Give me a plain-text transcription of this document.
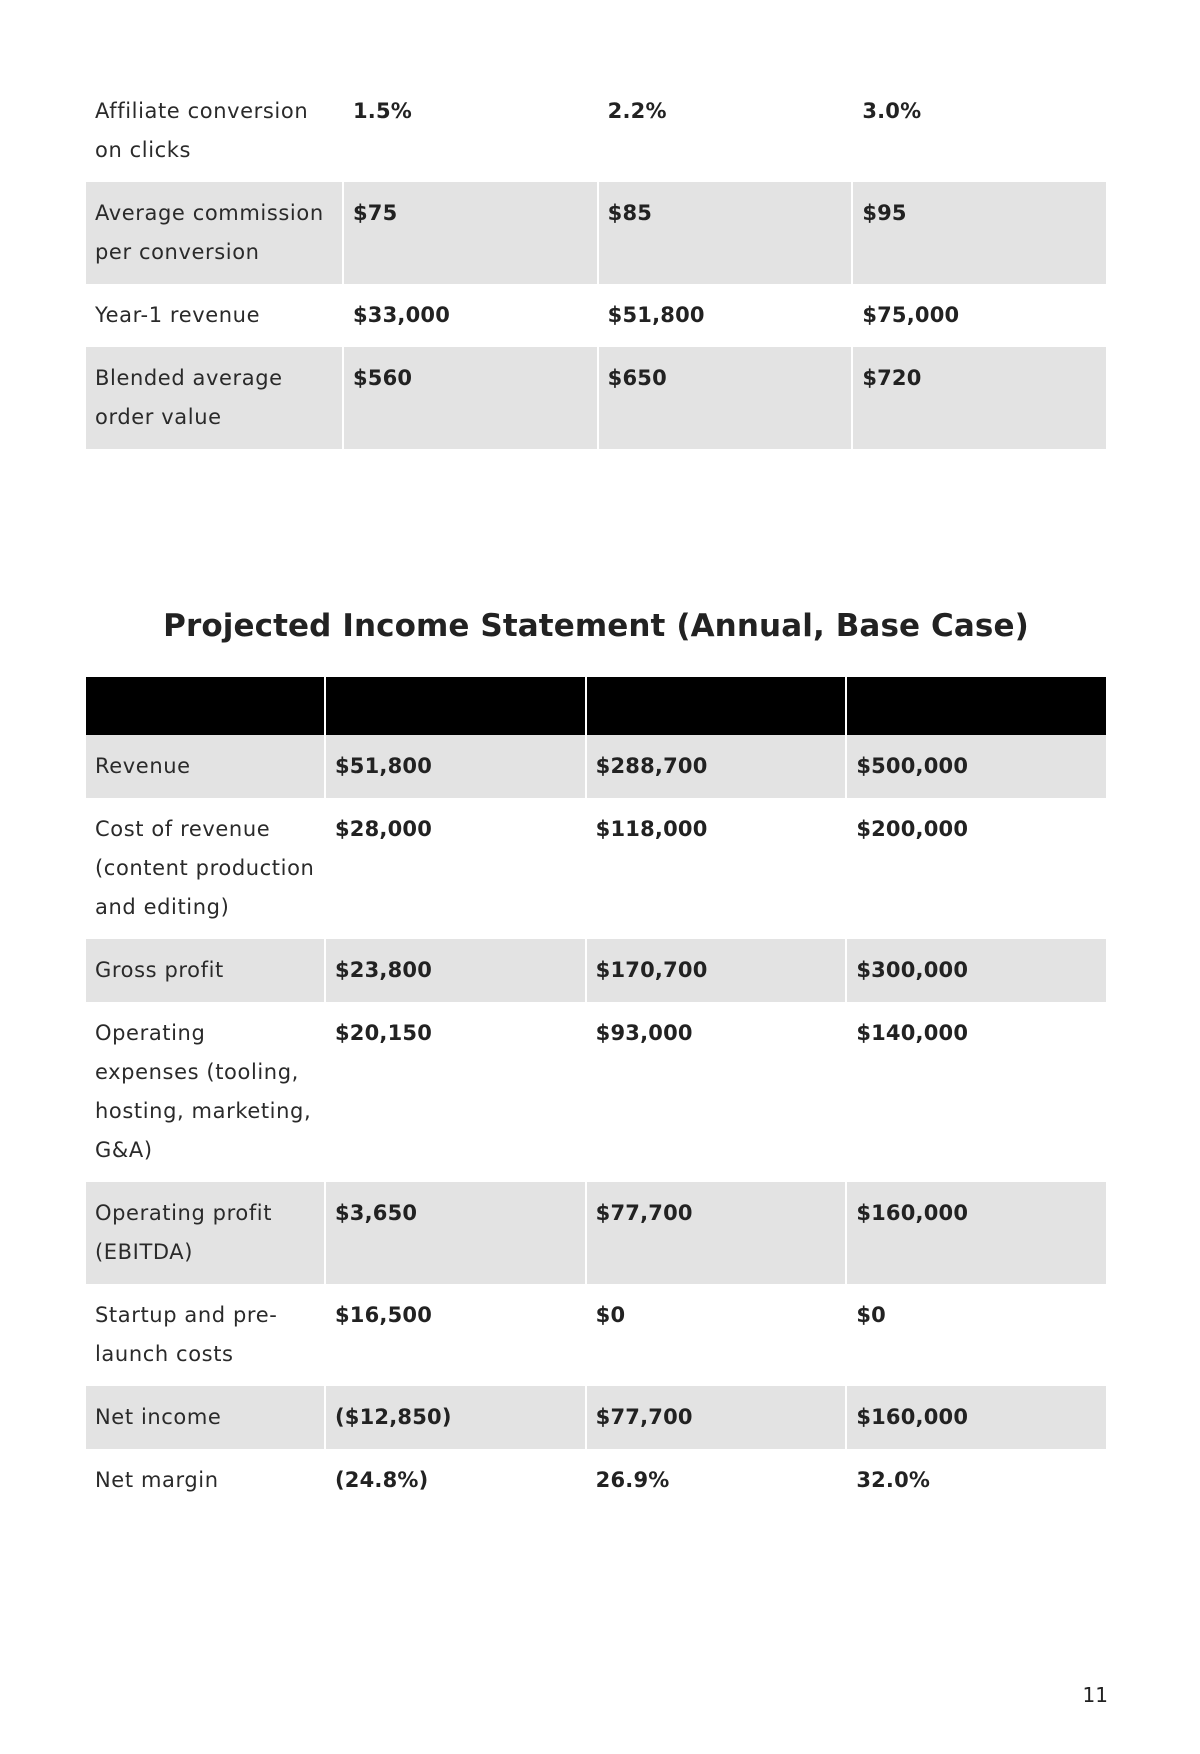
Affiliate conversion on clicks	1.5%	2.2%	3.0%
Average commission per conversion	$75	$85	$95
Year-1 revenue	$33,000	$51,800	$75,000
Blended average order value	$560	$650	$720
Projected Income Statement (Annual, Base Case)

Revenue	$51,800	$288,700	$500,000
Cost of revenue (content production and editing)	$28,000	$118,000	$200,000
Gross profit	$23,800	$170,700	$300,000
Operating expenses (tooling, hosting, marketing, G&A)	$20,150	$93,000	$140,000
Operating profit (EBITDA)	$3,650	$77,700	$160,000
Startup and pre-launch costs	$16,500	$0	$0
Net income	($12,850)	$77,700	$160,000
Net margin	(24.8%)	26.9%	32.0%
11
